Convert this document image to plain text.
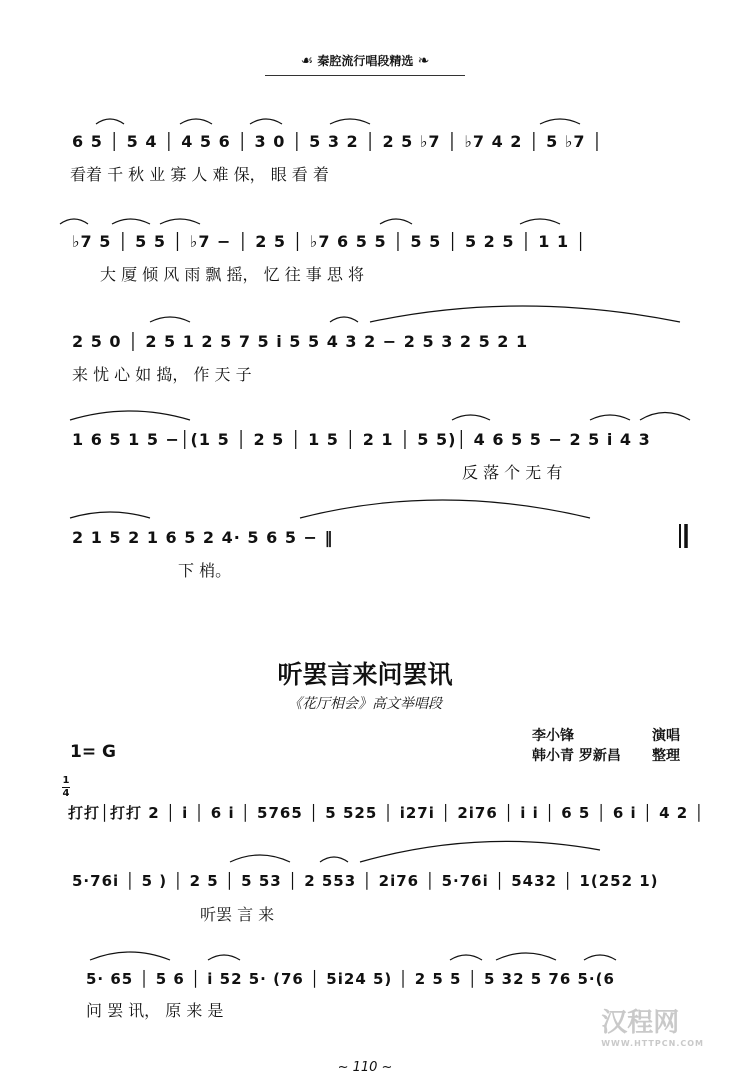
☙ 秦腔流行唱段精选 ❧
6 5 │ 5 4 │ 4 5 6 │ 3 0 │ 5 3 2 │ 2 5 ♭7 │ ♭7 4 2 │ 5 ♭7 │
看着 千 秋 业 寡 人 难 保， 眼 看 着
♭7 5 │ 5 5 │ ♭7 − │ 2 5 │ ♭7 6 5 5 │ 5 5 │ 5 2 5 │ 1 1 │
大 厦 倾 风 雨 飘 摇， 忆 往 事 思 将
2 5 0 │ 2 5 1 2 5 7 5 i 5 5 4 3 2 − 2 5 3 2 5 2 1
来 忧 心 如 捣， 作 天 子
1 6 5 1 5 −│(1 5 │ 2 5 │ 1 5 │ 2 1 │ 5 5)│ 4 6 5 5 − 2 5 i 4 3
反 落 个 无 有
2 1 5 2 1 6 5 2 4· 5 6 5 − ‖
下 梢。
听罢言来问罢讯
《花厅相会》高文举唱段
李小锋	演唱
韩小青 罗新昌 整理
1= G
1
4
打打│打打 2 │ i │ 6 i │ 5765 │ 5 525 │ i27i │ 2i76 │ i i │ 6 5 │ 6 i │ 4 2 │
5·76i │ 5 ) │ 2 5 │ 5 53 │ 2 553 │ 2i76 │ 5·76i │ 5432 │ 1(252 1)
听罢 言 来
5· 65 │ 5 6 │ i 52 5· (76 │ 5i24 5) │ 2 5 5 │ 5 32 5 76 5·(6
问 罢 讯， 原 来 是
~ 110 ~
汉程网
WWW.HTTPCN.COM
